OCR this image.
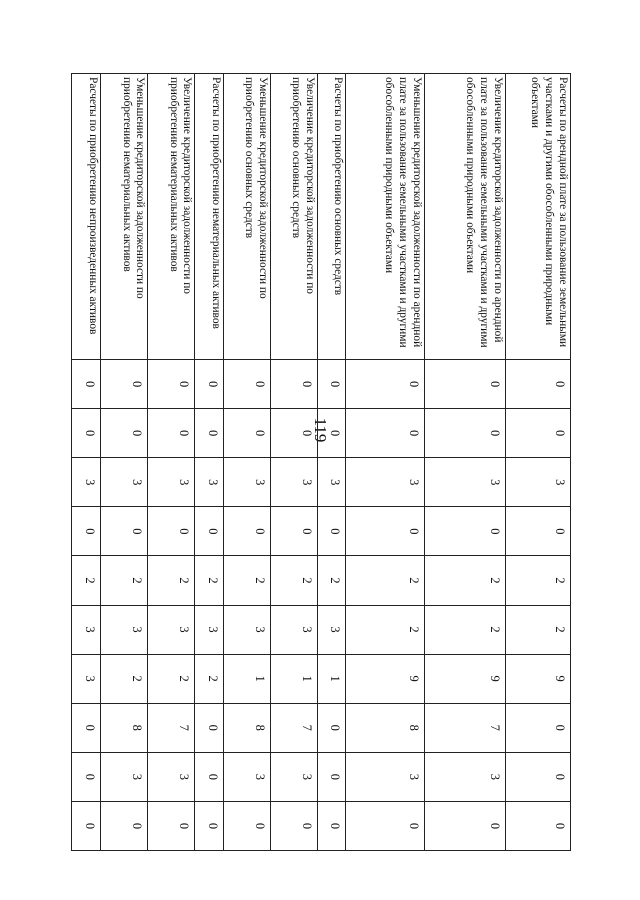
119
Расчеты по арендной плате за пользование земельными участками и другими обособленными природными объектами	0	0	3	0	2	2	9	0	0	0
Увеличение кредиторской задолженности по арендной плате за пользование земельными участками и другими обособленными природными объектами	0	0	3	0	2	2	9	7	3	0
Уменьшение кредиторской задолженности по арендной плате за пользование земельными участками и другими обособленными природными объектами	0	0	3	0	2	2	9	8	3	0
Расчеты по приобретению основных средств	0	0	3	0	2	3	1	0	0	0
Увеличение кредиторской задолженности по приобретению основных средств	0	0	3	0	2	3	1	7	3	0
Уменьшение кредиторской задолженности по приобретению основных средств	0	0	3	0	2	3	1	8	3	0
Расчеты по приобретению нематериальных активов	0	0	3	0	2	3	2	0	0	0
Увеличение кредиторской задолженности по приобретению нематериальных активов	0	0	3	0	2	3	2	7	3	0
Уменьшение кредиторской задолженности по приобретению нематериальных активов	0	0	3	0	2	3	2	8	3	0
Расчеты по приобретению непроизведенных активов	0	0	3	0	2	3	3	0	0	0
